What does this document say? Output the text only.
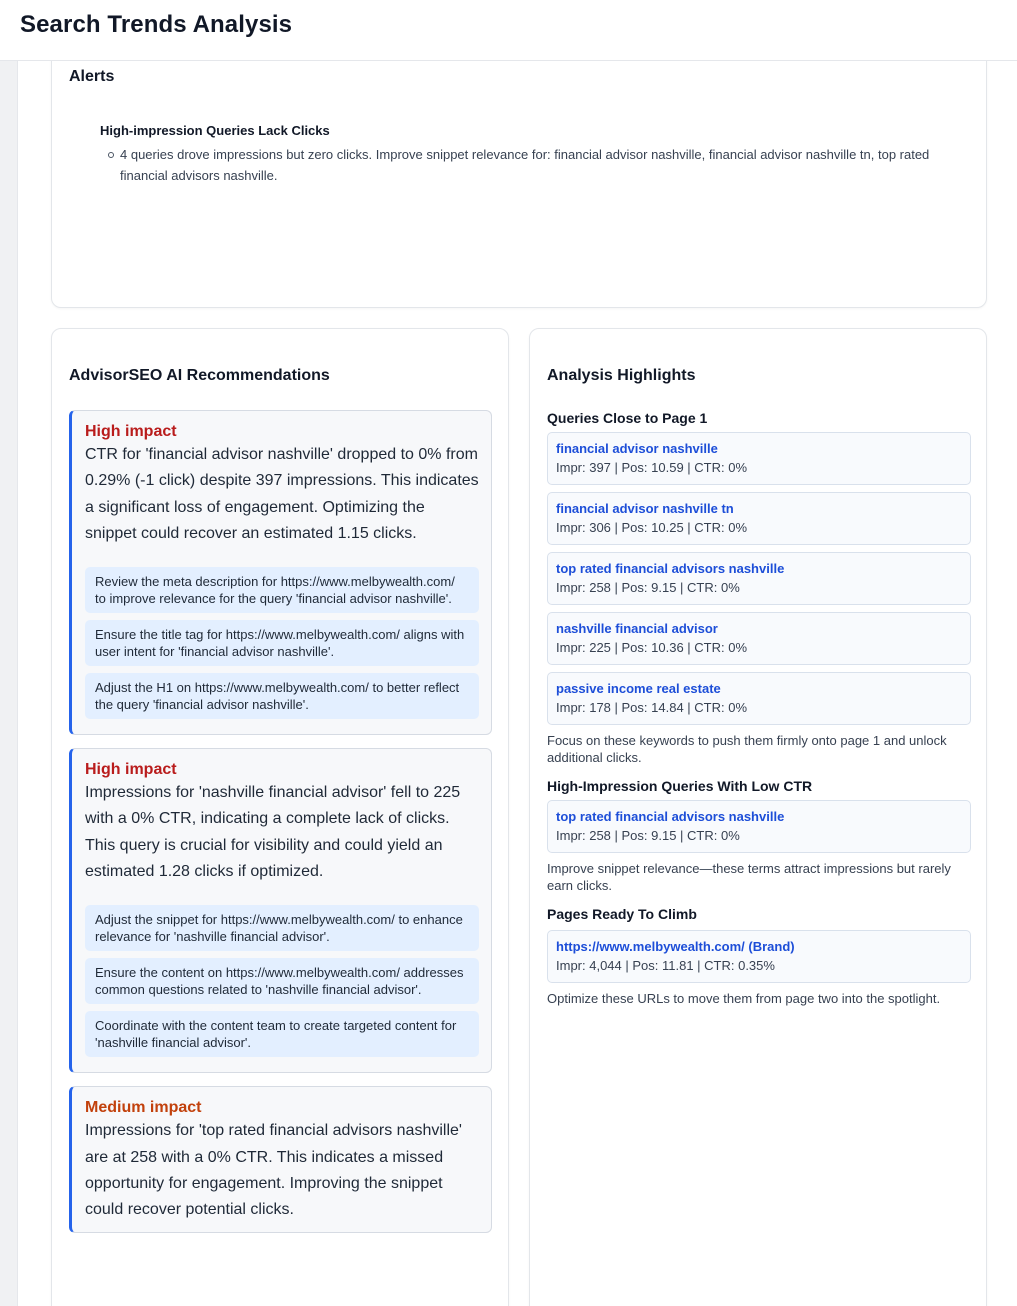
Alerts
High-impression Queries Lack Clicks
4 queries drove impressions but zero clicks. Improve snippet relevance for: financial advisor nashville, financial advisor nashville tn, top rated financial advisors nashville.
AdvisorSEO AI Recommendations
High impact
CTR for 'financial advisor nashville' dropped to 0% from 0.29% (-1 click) despite 397 impressions. This indicates a significant loss of engagement. Optimizing the snippet could recover an estimated 1.15 clicks.
Review the meta description for https://www.melbywealth.com/ to improve relevance for the query 'financial advisor nashville'.
Ensure the title tag for https://www.melbywealth.com/ aligns with user intent for 'financial advisor nashville'.
Adjust the H1 on https://www.melbywealth.com/ to better reflect the query 'financial advisor nashville'.
High impact
Impressions for 'nashville financial advisor' fell to 225 with a 0% CTR, indicating a complete lack of clicks. This query is crucial for visibility and could yield an estimated 1.28 clicks if optimized.
Adjust the snippet for https://www.melbywealth.com/ to enhance relevance for 'nashville financial advisor'.
Ensure the content on https://www.melbywealth.com/ addresses common questions related to 'nashville financial advisor'.
Coordinate with the content team to create targeted content for 'nashville financial advisor'.
Medium impact
Impressions for 'top rated financial advisors nashville' are at 258 with a 0% CTR. This indicates a missed opportunity for engagement. Improving the snippet could recover potential clicks.
Analysis Highlights
Queries Close to Page 1
financial advisor nashville
Impr: 397 | Pos: 10.59 | CTR: 0%
financial advisor nashville tn
Impr: 306 | Pos: 10.25 | CTR: 0%
top rated financial advisors nashville
Impr: 258 | Pos: 9.15 | CTR: 0%
nashville financial advisor
Impr: 225 | Pos: 10.36 | CTR: 0%
passive income real estate
Impr: 178 | Pos: 14.84 | CTR: 0%
Focus on these keywords to push them firmly onto page 1 and unlock additional clicks.
High-Impression Queries With Low CTR
top rated financial advisors nashville
Impr: 258 | Pos: 9.15 | CTR: 0%
Improve snippet relevance—these terms attract impressions but rarely earn clicks.
Pages Ready To Climb
https://www.melbywealth.com/ (Brand)
Impr: 4,044 | Pos: 11.81 | CTR: 0.35%
Optimize these URLs to move them from page two into the spotlight.
Search Trends Analysis
